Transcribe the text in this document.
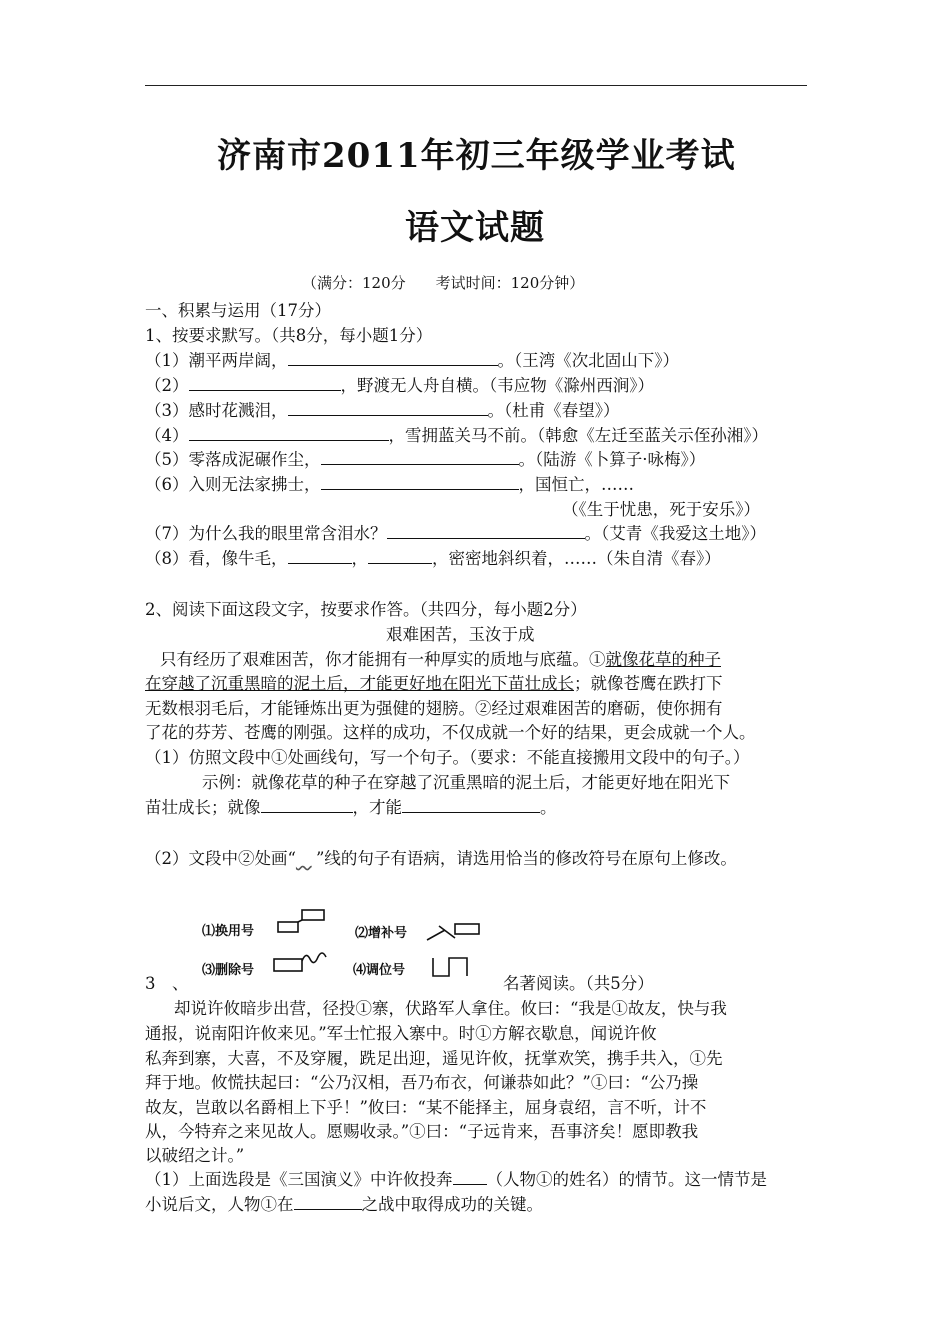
济南市2011年初三年级学业考试
语文试题
（满分：120分　　考试时间：120分钟）
一、积累与运用（17分）
1、按要求默写。（共8分，每小题1分）
（1）潮平两岸阔，	。（王湾《次北固山下》）
（2）	，野渡无人舟自横。（韦应物《滁州西涧》）
（3）感时花溅泪，	。（杜甫《春望》）
（4）	，雪拥蓝关马不前。（韩愈《左迁至蓝关示侄孙湘》）
（5）零落成泥碾作尘，	。（陆游《卜算子·咏梅》）
（6）入则无法家拂士，	，国恒亡，……
（《生于忧患，死于安乐》）
（7）为什么我的眼里常含泪水？	。（艾青《我爱这土地》）
（8）看，像牛毛，	，	，密密地斜织着，……（朱自清《春》）
2、阅读下面这段文字，按要求作答。（共四分，每小题2分）
艰难困苦，玉汝于成
只有经历了艰难困苦，你才能拥有一种厚实的质地与底蕴。①就像花草的种子
在穿越了沉重黑暗的泥土后，才能更好地在阳光下苗壮成长；就像苍鹰在跌打下
无数根羽毛后，才能锤炼出更为强健的翅膀。②经过艰难困苦的磨砺，使你拥有
了花的芬芳、苍鹰的刚强。这样的成功，不仅成就一个好的结果，更会成就一个人。
（1）仿照文段中①处画线句，写一个句子。（要求：不能直接搬用文段中的句子。）
示例：就像花草的种子在穿越了沉重黑暗的泥土后，才能更好地在阳光下
苗壮成长；就像	，才能	。
（2）文段中②处画“ ”线的句子有语病，请选用恰当的修改符号在原句上修改。
⑴换用号	⑵增补号
⑶删除号	⑷调位号
3　、	名著阅读。（共5分）
却说许攸暗步出营，径投①寨，伏路军人拿住。攸曰：“我是①故友，快与我
通报，说南阳许攸来见。”军士忙报入寨中。时①方解衣歇息，闻说许攸
私奔到寨，大喜，不及穿履，跣足出迎，遥见许攸，抚掌欢笑，携手共入，①先
拜于地。攸慌扶起曰：“公乃汉相，吾乃布衣，何谦恭如此？”①曰：“公乃操
故友，岂敢以名爵相上下乎！”攸曰：“某不能择主，屈身袁绍，言不听，计不
从，今特弃之来见故人。愿赐收录。”①曰：“子远肯来，吾事济矣！愿即教我
以破绍之计。”
（1）上面选段是《三国演义》中许攸投奔 （人物①的姓名）的情节。这一情节是
小说后文，人物①在	之战中取得成功的关键。
